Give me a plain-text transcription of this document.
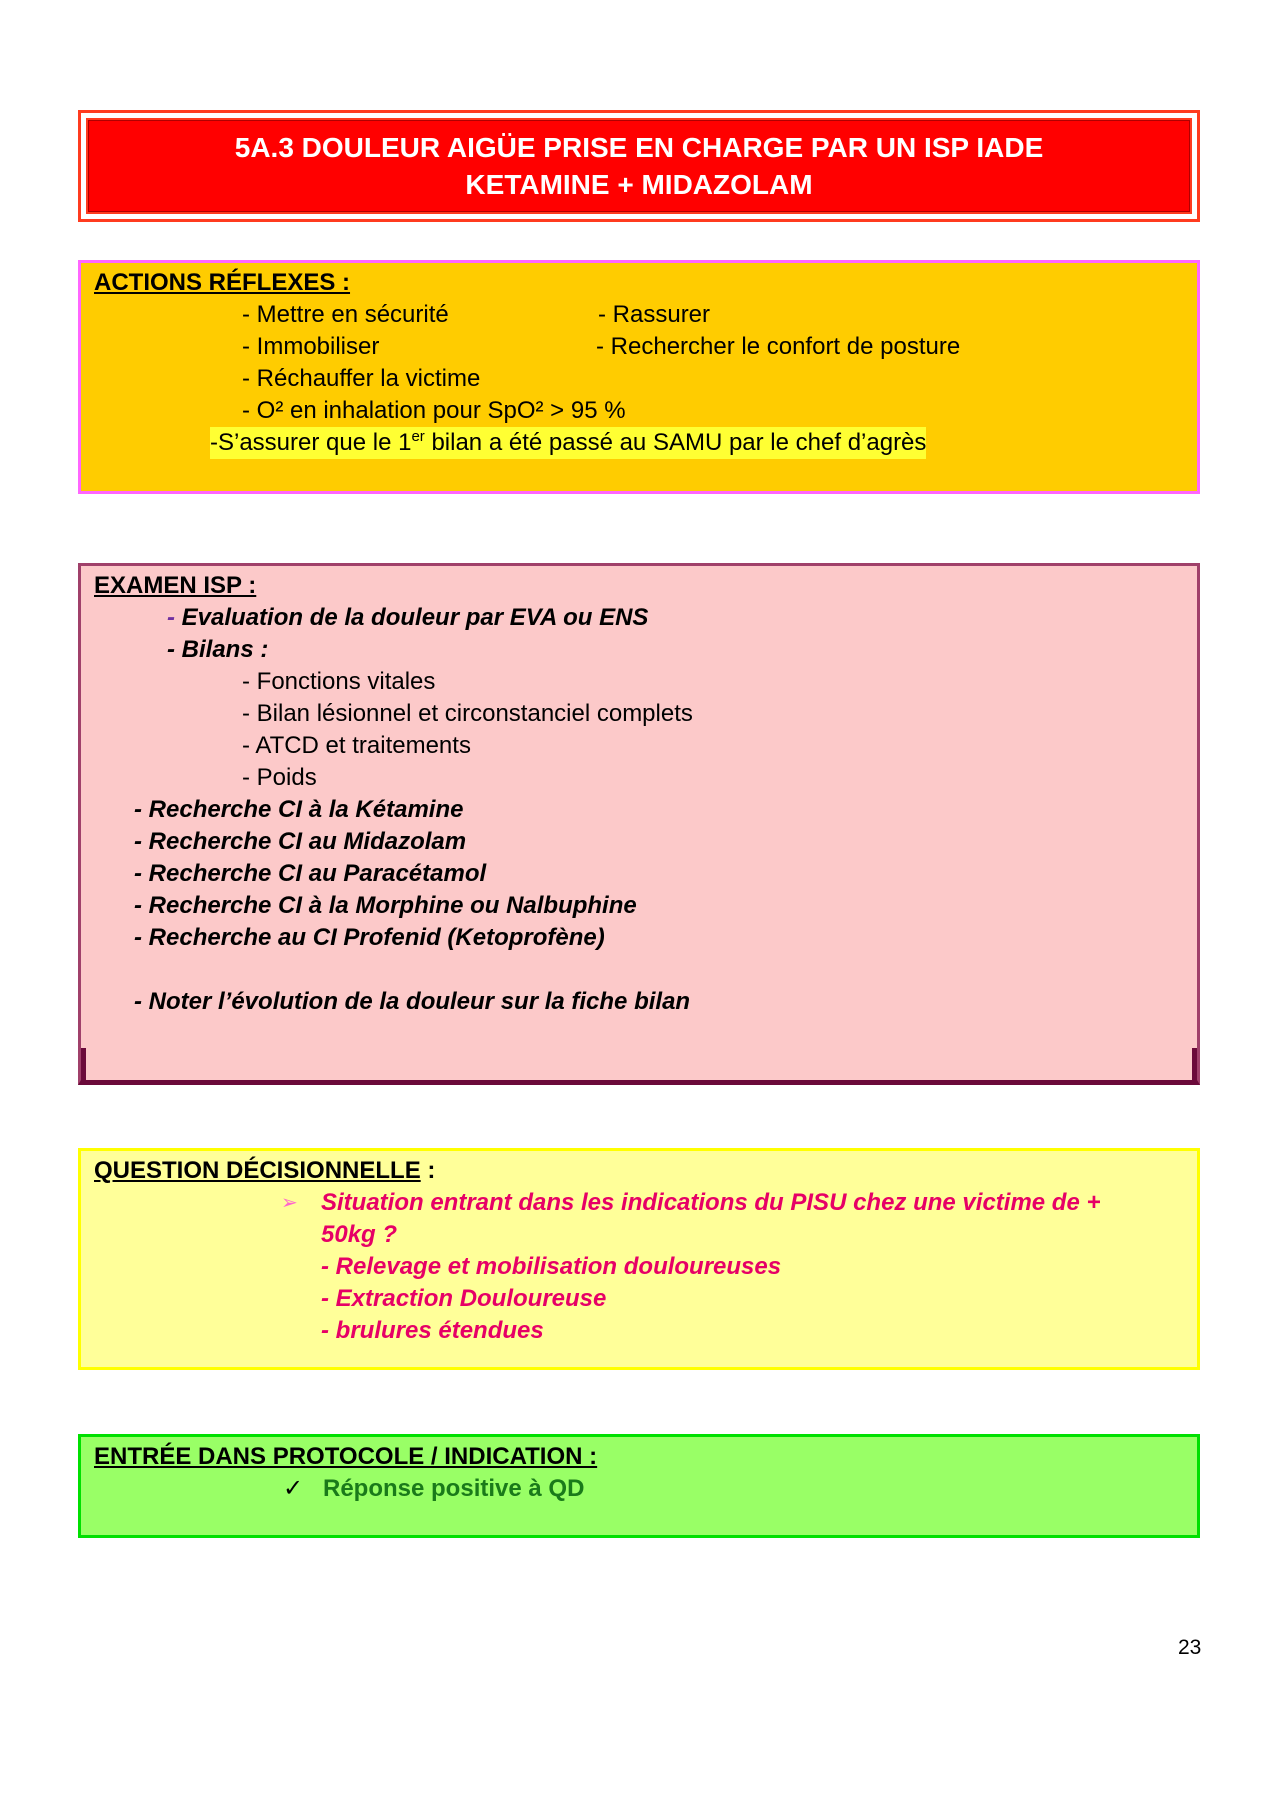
5A.3 DOULEUR AIGÜE PRISE EN CHARGE PAR UN ISP IADE
KETAMINE + MIDAZOLAM
ACTIONS RÉFLEXES :
- Mettre en sécurité
- Immobiliser
- Réchauffer la victime
- O² en inhalation pour SpO² > 95 %
- Rassurer
- Rechercher le confort de posture
-S’assurer que le 1er bilan a été passé au SAMU par le chef d’agrès
EXAMEN ISP :
- Evaluation de la douleur par EVA ou ENS
- Bilans :
- Fonctions vitales
- Bilan lésionnel et circonstanciel complets
- ATCD et traitements
- Poids
- Recherche CI à la Kétamine
- Recherche CI au Midazolam
- Recherche CI au Paracétamol
- Recherche CI à la Morphine ou Nalbuphine
- Recherche au CI Profenid (Ketoprofène)
- Noter l’évolution de la douleur sur la fiche bilan
QUESTION DÉCISIONNELLE :
➢ Situation entrant dans les indications du PISU chez une victime de +
50kg ?
- Relevage et mobilisation douloureuses
- Extraction Douloureuse
- brulures étendues
ENTRÉE DANS PROTOCOLE / INDICATION :
✓ Réponse positive à QD
23
